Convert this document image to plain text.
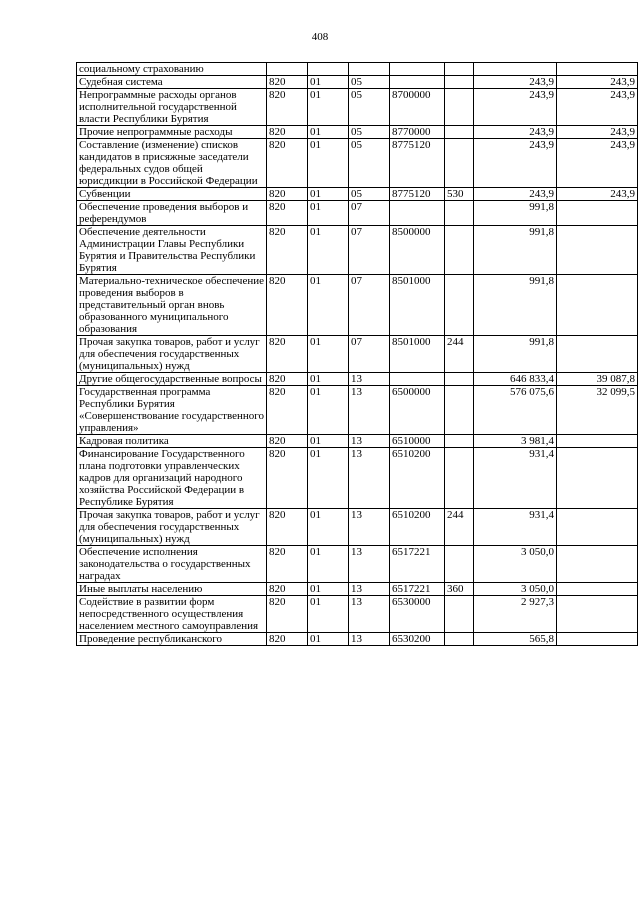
408
социальному страхованию							
Судебная система	820	01	05			243,9	243,9
Непрограммные расходы органов исполнительной государственной власти Республики Бурятия	820	01	05	8700000		243,9	243,9
Прочие непрограммные расходы	820	01	05	8770000		243,9	243,9
Составление (изменение) списков кандидатов в присяжные заседатели федеральных судов общей юрисдикции в Российской Федерации	820	01	05	8775120		243,9	243,9
Субвенции	820	01	05	8775120	530	243,9	243,9
Обеспечение проведения выборов и референдумов	820	01	07			991,8	
Обеспечение деятельности Администрации Главы Республики Бурятия и Правительства Республики Бурятия	820	01	07	8500000		991,8	
Материально-техническое обеспечение проведения выборов в представительный орган вновь образованного муниципального образования	820	01	07	8501000		991,8	
Прочая закупка товаров, работ и услуг для обеспечения государственных (муниципальных) нужд	820	01	07	8501000	244	991,8	
Другие общегосударственные вопросы	820	01	13			646 833,4	39 087,8
Государственная программа Республики Бурятия «Совершенствование государственного управления»	820	01	13	6500000		576 075,6	32 099,5
Кадровая политика	820	01	13	6510000		3 981,4	
Финансирование Государственного плана подготовки управленческих кадров для организаций народного хозяйства Российской Федерации в Республике Бурятия	820	01	13	6510200		931,4	
Прочая закупка товаров, работ и услуг для обеспечения государственных (муниципальных) нужд	820	01	13	6510200	244	931,4	
Обеспечение исполнения законодательства о государственных наградах	820	01	13	6517221		3 050,0	
Иные выплаты населению	820	01	13	6517221	360	3 050,0	
Содействие в развитии форм непосредственного осуществления населением местного самоуправления	820	01	13	6530000		2 927,3	
Проведение республиканского	820	01	13	6530200		565,8	
